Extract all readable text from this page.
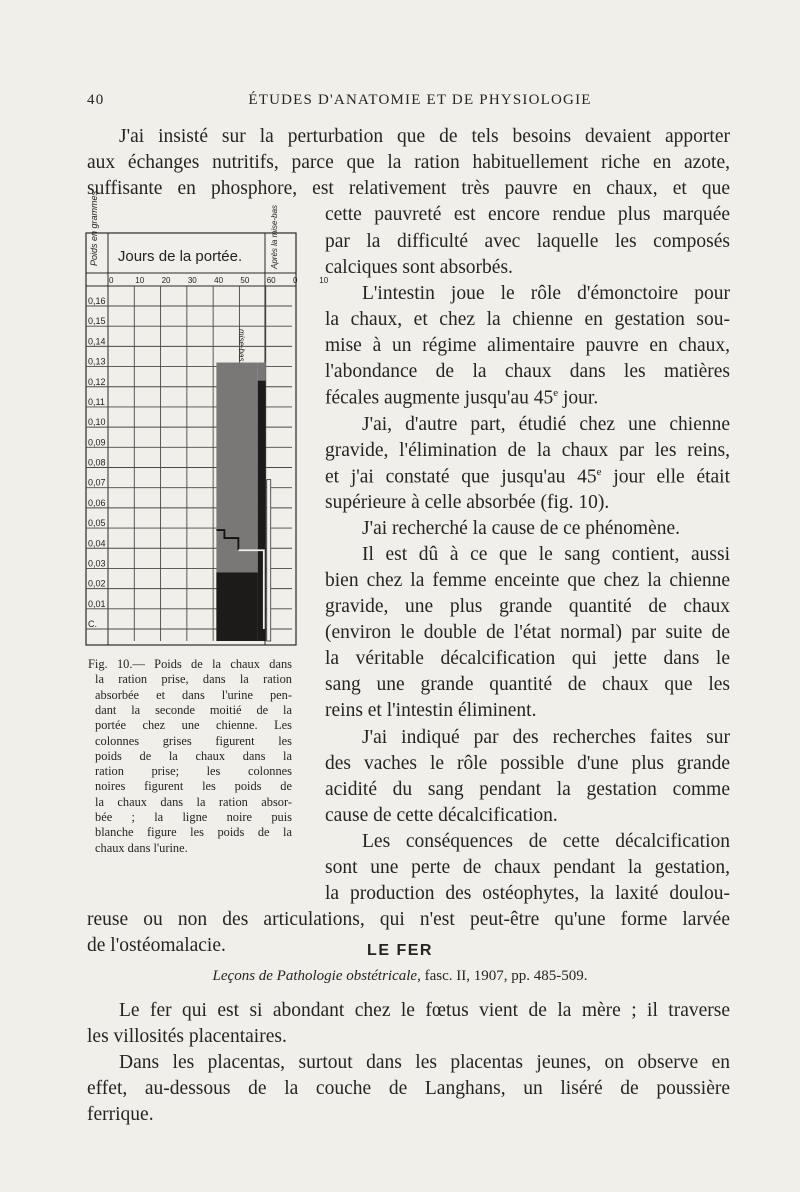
40	ÉTUDES D'ANATOMIE ET DE PHYSIOLOGIE
J'ai insisté sur la perturbation que de tels besoins devaient apporter
aux échanges nutritifs, parce que la ration habituellement riche en azote,
suffisante en phosphore, est relativement très pauvre en chaux, et que
cette pauvreté est encore rendue plus marquée
par la difficulté avec laquelle les composés
calciques sont absorbés.
L'intestin joue le rôle d'émonctoire pour
la chaux, et chez la chienne en gestation sou-
mise à un régime alimentaire pauvre en chaux,
l'abondance de la chaux dans les matières
fécales augmente jusqu'au 45e jour.
J'ai, d'autre part, étudié chez une chienne
gravide, l'élimination de la chaux par les reins,
et j'ai constaté que jusqu'au 45e jour elle était
supérieure à celle absorbée (fig. 10).
J'ai recherché la cause de ce phénomène.
Il est dû à ce que le sang contient, aussi
bien chez la femme enceinte que chez la chienne
gravide, une plus grande quantité de chaux
(environ le double de l'état normal) par suite de
la véritable décalcification qui jette dans le
sang une grande quantité de chaux que les
reins et l'intestin éliminent.
J'ai indiqué par des recherches faites sur
des vaches le rôle possible d'une plus grande
acidité du sang pendant la gestation comme
cause de cette décalcification.
Les conséquences de cette décalcification
sont une perte de chaux pendant la gestation,
la production des ostéophytes, la laxité doulou-
reuse ou non des articulations, qui n'est peut-être qu'une forme larvée
de l'ostéomalacie.
Jours de la portée.
Poids en grammes	Après la mise-bas
0,16
0,15
0,14
0,13
0,12
0,11
0,10
0,09
0,08
0,07
0,06
0,05
0,04
0,03
0,02
0,01
C.
0	10 20 30 40 50 60 0	10
mise-bas
Fig. 10.— Poids de la chaux dans
la ration prise, dans la ration
absorbée et dans l'urine pen-
dant la seconde moitié de la
portée chez une chienne. Les
colonnes grises figurent les
poids de la chaux dans la
ration prise; les colonnes
noires figurent les poids de
la chaux dans la ration absor-
bée ; la ligne noire puis
blanche figure les poids de la
chaux dans l'urine.
LE FER
Leçons de Pathologie obstétricale, fasc. II, 1907, pp. 485-509.
Le fer qui est si abondant chez le fœtus vient de la mère ; il traverse
les villosités placentaires.
Dans les placentas, surtout dans les placentas jeunes, on observe en
effet, au-dessous de la couche de Langhans, un liséré de poussière
ferrique.
